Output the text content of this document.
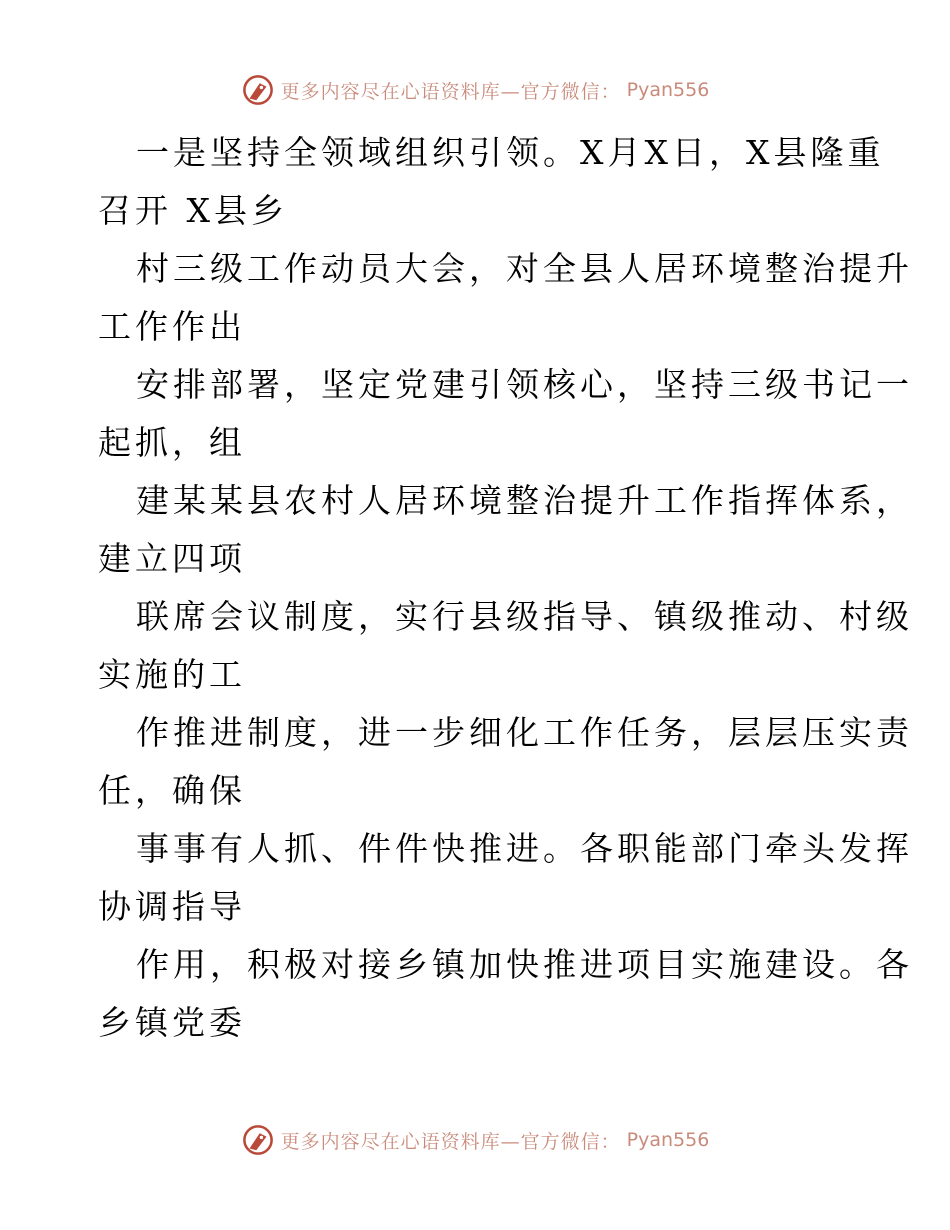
更多内容尽在心语资料库—官方微信： Pyan556
一是坚持全领域组织引领。X月X日，X县隆重
召开 X县乡
村三级工作动员大会，对全县人居环境整治提升
工作作出
安排部署，坚定党建引领核心，坚持三级书记一
起抓，组
建某某县农村人居环境整治提升工作指挥体系，
建立四项
联席会议制度，实行县级指导、镇级推动、村级
实施的工
作推进制度，进一步细化工作任务，层层压实责
任，确保
事事有人抓、件件快推进。各职能部门牵头发挥
协调指导
作用，积极对接乡镇加快推进项目实施建设。各
乡镇党委
更多内容尽在心语资料库—官方微信： Pyan556
